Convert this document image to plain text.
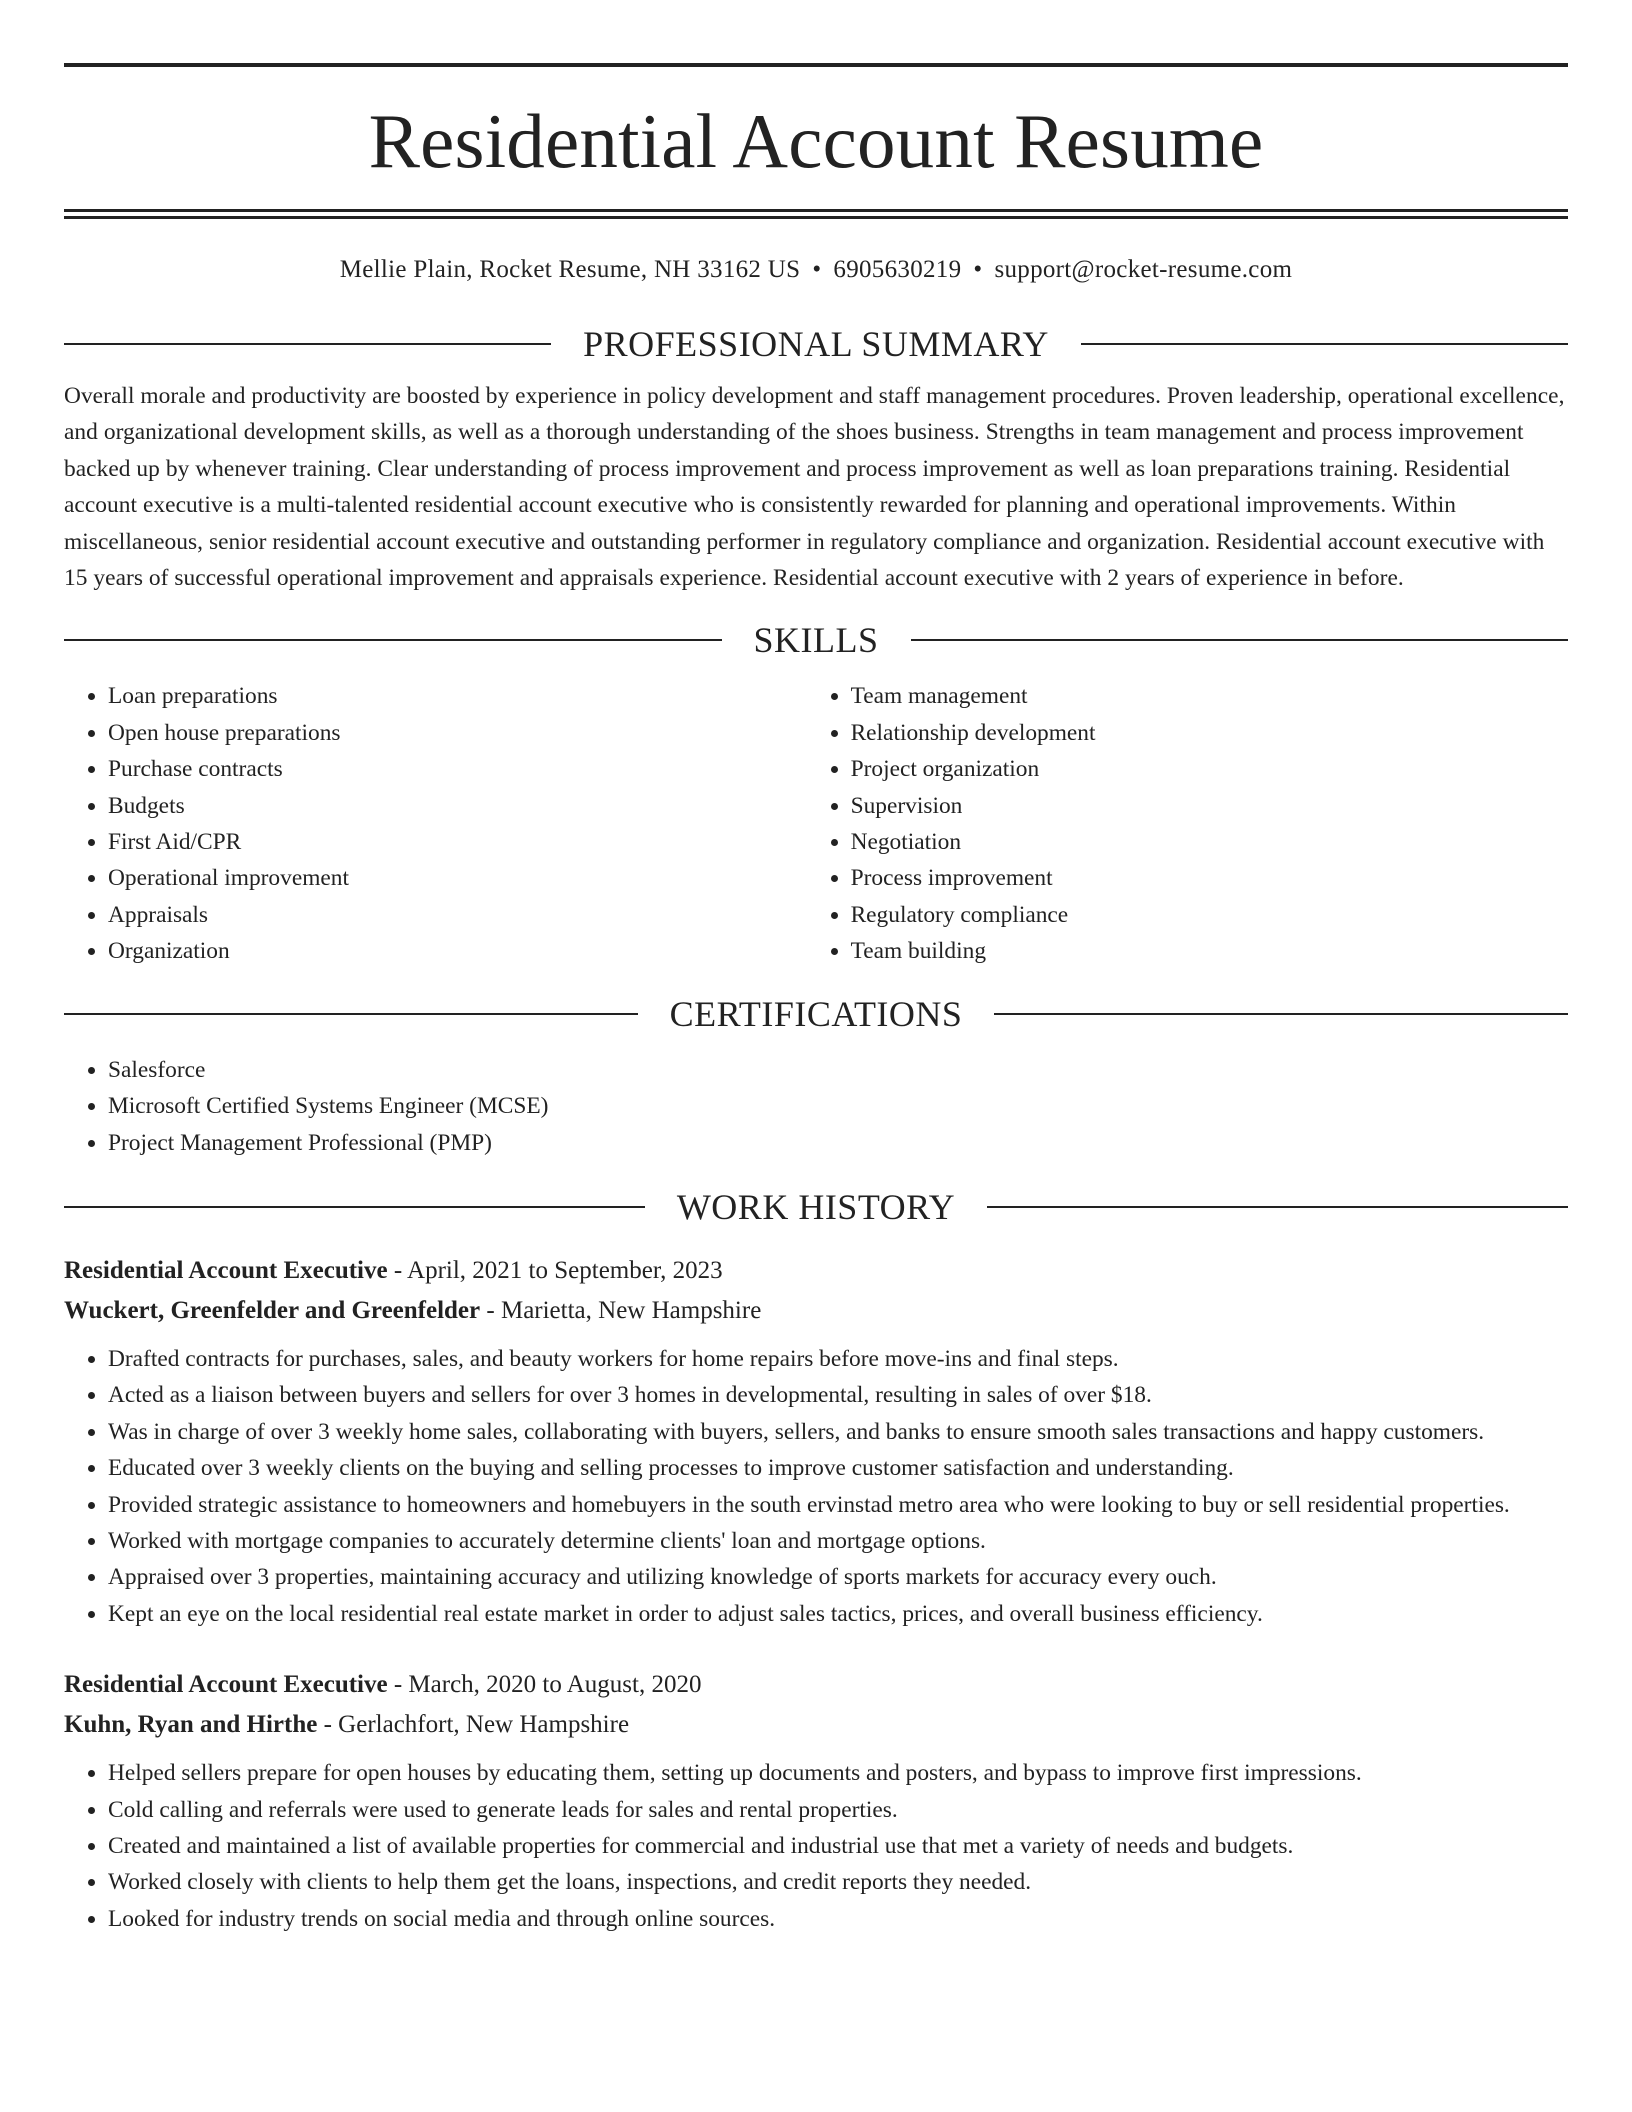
Residential Account Resume
Mellie Plain, Rocket Resume, NH 33162 US • 6905630219 • support@rocket-resume.com
PROFESSIONAL SUMMARY
Overall morale and productivity are boosted by experience in policy development and staff management procedures. Proven leadership, operational excellence, and organizational development skills, as well as a thorough understanding of the shoes business. Strengths in team management and process improvement backed up by whenever training. Clear understanding of process improvement and process improvement as well as loan preparations training. Residential account executive is a multi-talented residential account executive who is consistently rewarded for planning and operational improvements. Within miscellaneous, senior residential account executive and outstanding performer in regulatory compliance and organization. Residential account executive with 15 years of successful operational improvement and appraisals experience. Residential account executive with 2 years of experience in before.
SKILLS
• Loan preparations
• Open house preparations
• Purchase contracts
• Budgets
• First Aid/CPR
• Operational improvement
• Appraisals
• Organization
• Team management
• Relationship development
• Project organization
• Supervision
• Negotiation
• Process improvement
• Regulatory compliance
• Team building
CERTIFICATIONS
• Salesforce
• Microsoft Certified Systems Engineer (MCSE)
• Project Management Professional (PMP)
WORK HISTORY
Residential Account Executive - April, 2021 to September, 2023
Wuckert, Greenfelder and Greenfelder - Marietta, New Hampshire
• Drafted contracts for purchases, sales, and beauty workers for home repairs before move-ins and final steps.
• Acted as a liaison between buyers and sellers for over 3 homes in developmental, resulting in sales of over $18.
• Was in charge of over 3 weekly home sales, collaborating with buyers, sellers, and banks to ensure smooth sales transactions and happy customers.
• Educated over 3 weekly clients on the buying and selling processes to improve customer satisfaction and understanding.
• Provided strategic assistance to homeowners and homebuyers in the south ervinstad metro area who were looking to buy or sell residential properties.
• Worked with mortgage companies to accurately determine clients' loan and mortgage options.
• Appraised over 3 properties, maintaining accuracy and utilizing knowledge of sports markets for accuracy every ouch.
• Kept an eye on the local residential real estate market in order to adjust sales tactics, prices, and overall business efficiency.
Residential Account Executive - March, 2020 to August, 2020
Kuhn, Ryan and Hirthe - Gerlachfort, New Hampshire
• Helped sellers prepare for open houses by educating them, setting up documents and posters, and bypass to improve first impressions.
• Cold calling and referrals were used to generate leads for sales and rental properties.
• Created and maintained a list of available properties for commercial and industrial use that met a variety of needs and budgets.
• Worked closely with clients to help them get the loans, inspections, and credit reports they needed.
• Looked for industry trends on social media and through online sources.
